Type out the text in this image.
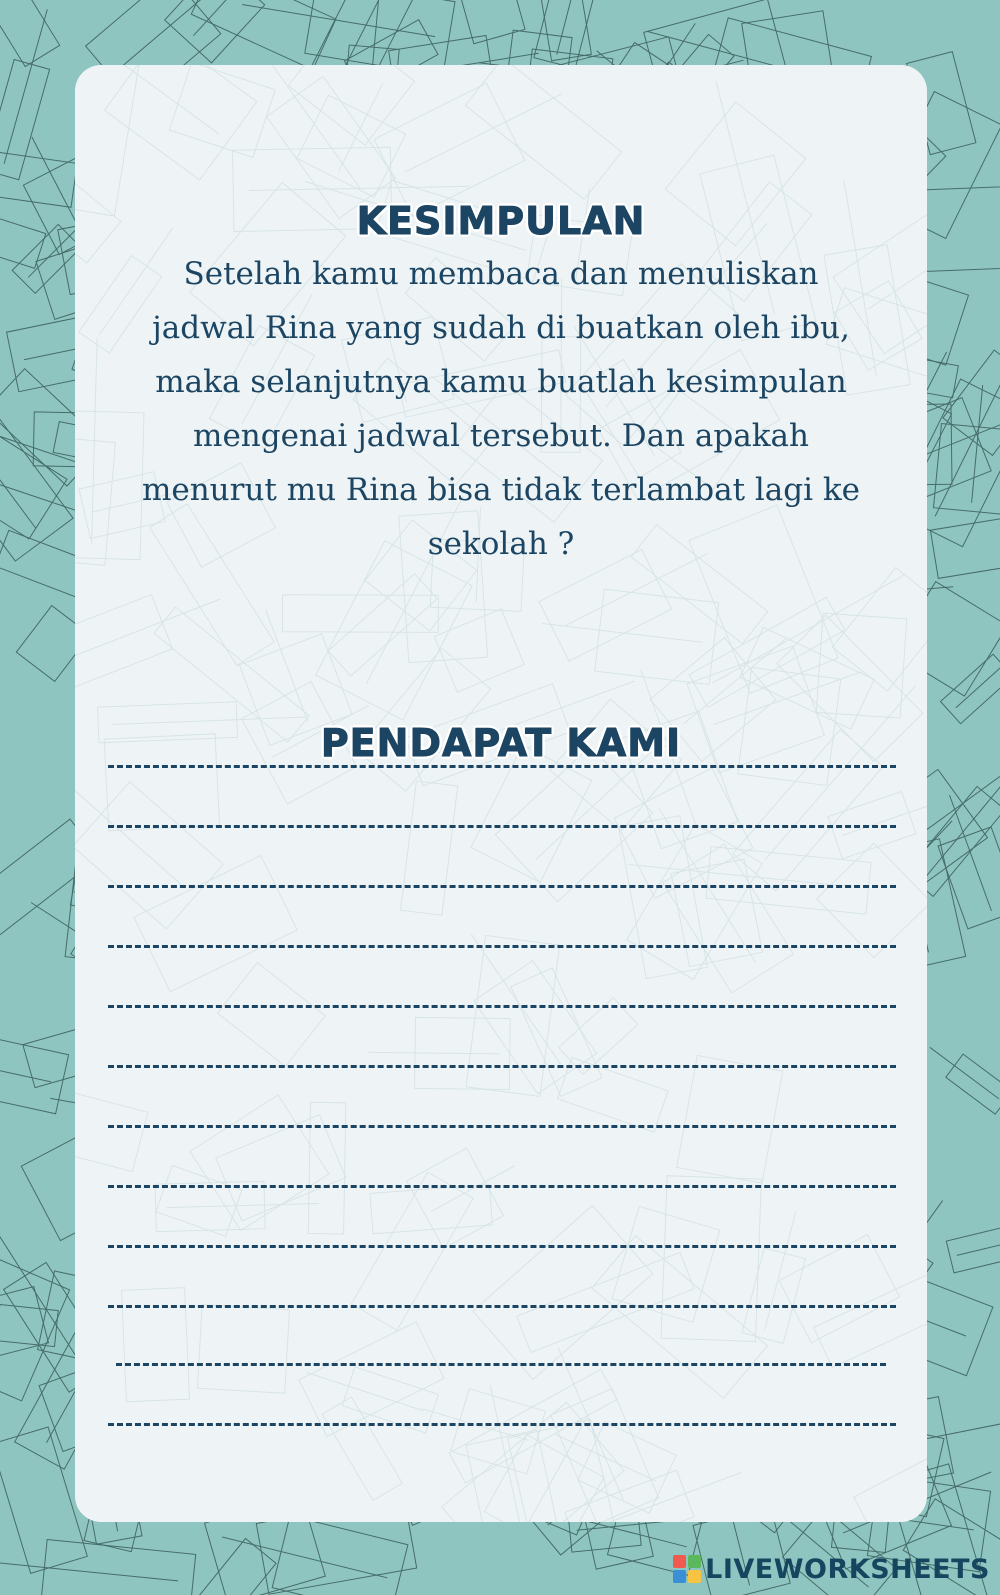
KESIMPULAN

Setelah kamu membaca dan menuliskan jadwal Rina yang sudah di buatkan oleh ibu, maka selanjutnya kamu buatlah kesimpulan mengenai jadwal tersebut. Dan apakah menurut mu Rina bisa tidak terlambat lagi ke sekolah ?

PENDAPAT KAMI
LIVEWORKSHEETS
